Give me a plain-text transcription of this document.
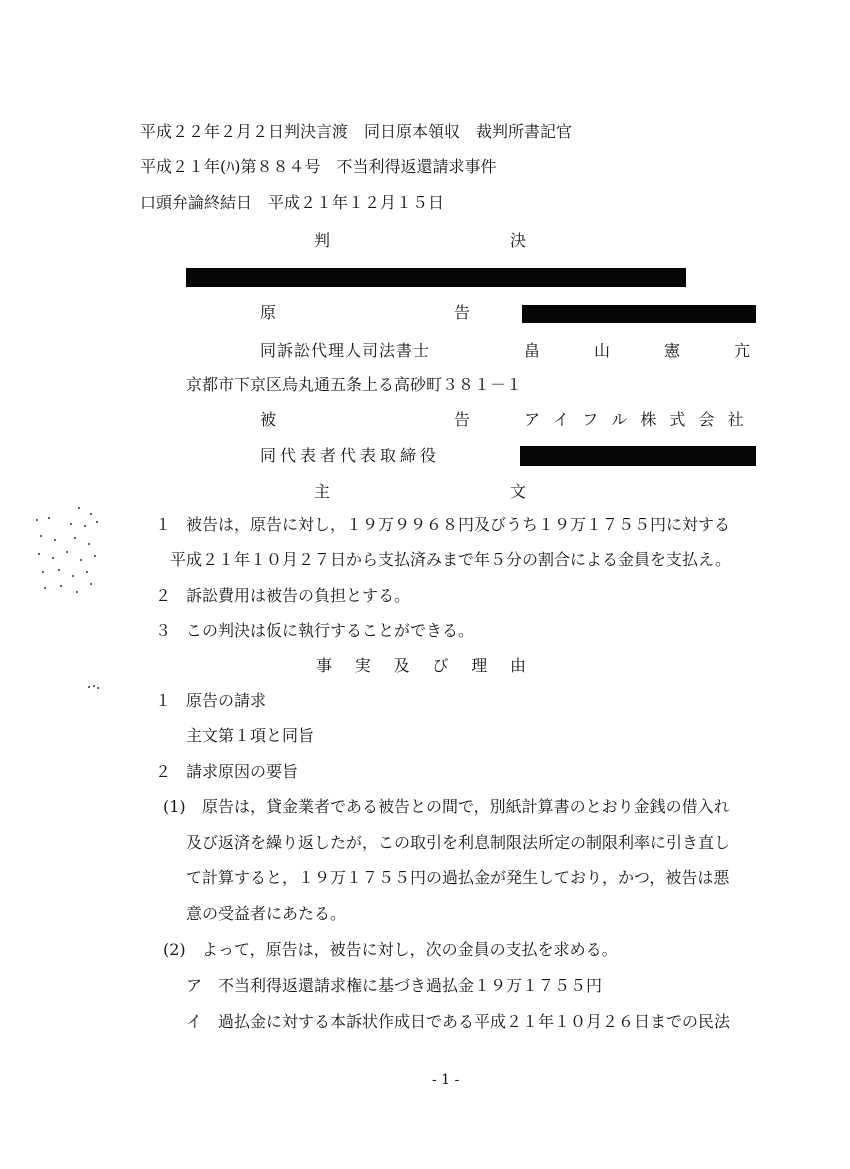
平成２２年２月２日判決言渡　同日原本領収　裁判所書記官
平成２１年(ﾊ)第８８４号　不当利得返還請求事件
口頭弁論終結日　平成２１年１２月１５日
判	決
原	告
同訴訟代理人司法書士	畠	山	憲	亢
京都市下京区烏丸通五条上る高砂町３８１－１
被	告	ア イ フ ル 株 式 会 社
同代表者代表取締役
主	文
１ 被告は，原告に対し，１９万９９６８円及びうち１９万１７５５円に対する
平成２１年１０月２７日から支払済みまで年５分の割合による金員を支払え。
２ 訴訟費用は被告の負担とする。
３ この判決は仮に執行することができる。
事 実 及 び 理 由
１ 原告の請求
主文第１項と同旨
２ 請求原因の要旨
(1) 原告は，貸金業者である被告との間で，別紙計算書のとおり金銭の借入れ
及び返済を繰り返したが，この取引を利息制限法所定の制限利率に引き直し
て計算すると，１９万１７５５円の過払金が発生しており，かつ，被告は悪
意の受益者にあたる。
(2) よって，原告は，被告に対し，次の金員の支払を求める。
ア 不当利得返還請求権に基づき過払金１９万１７５５円
イ 過払金に対する本訴状作成日である平成２１年１０月２６日までの民法
- 1 -
